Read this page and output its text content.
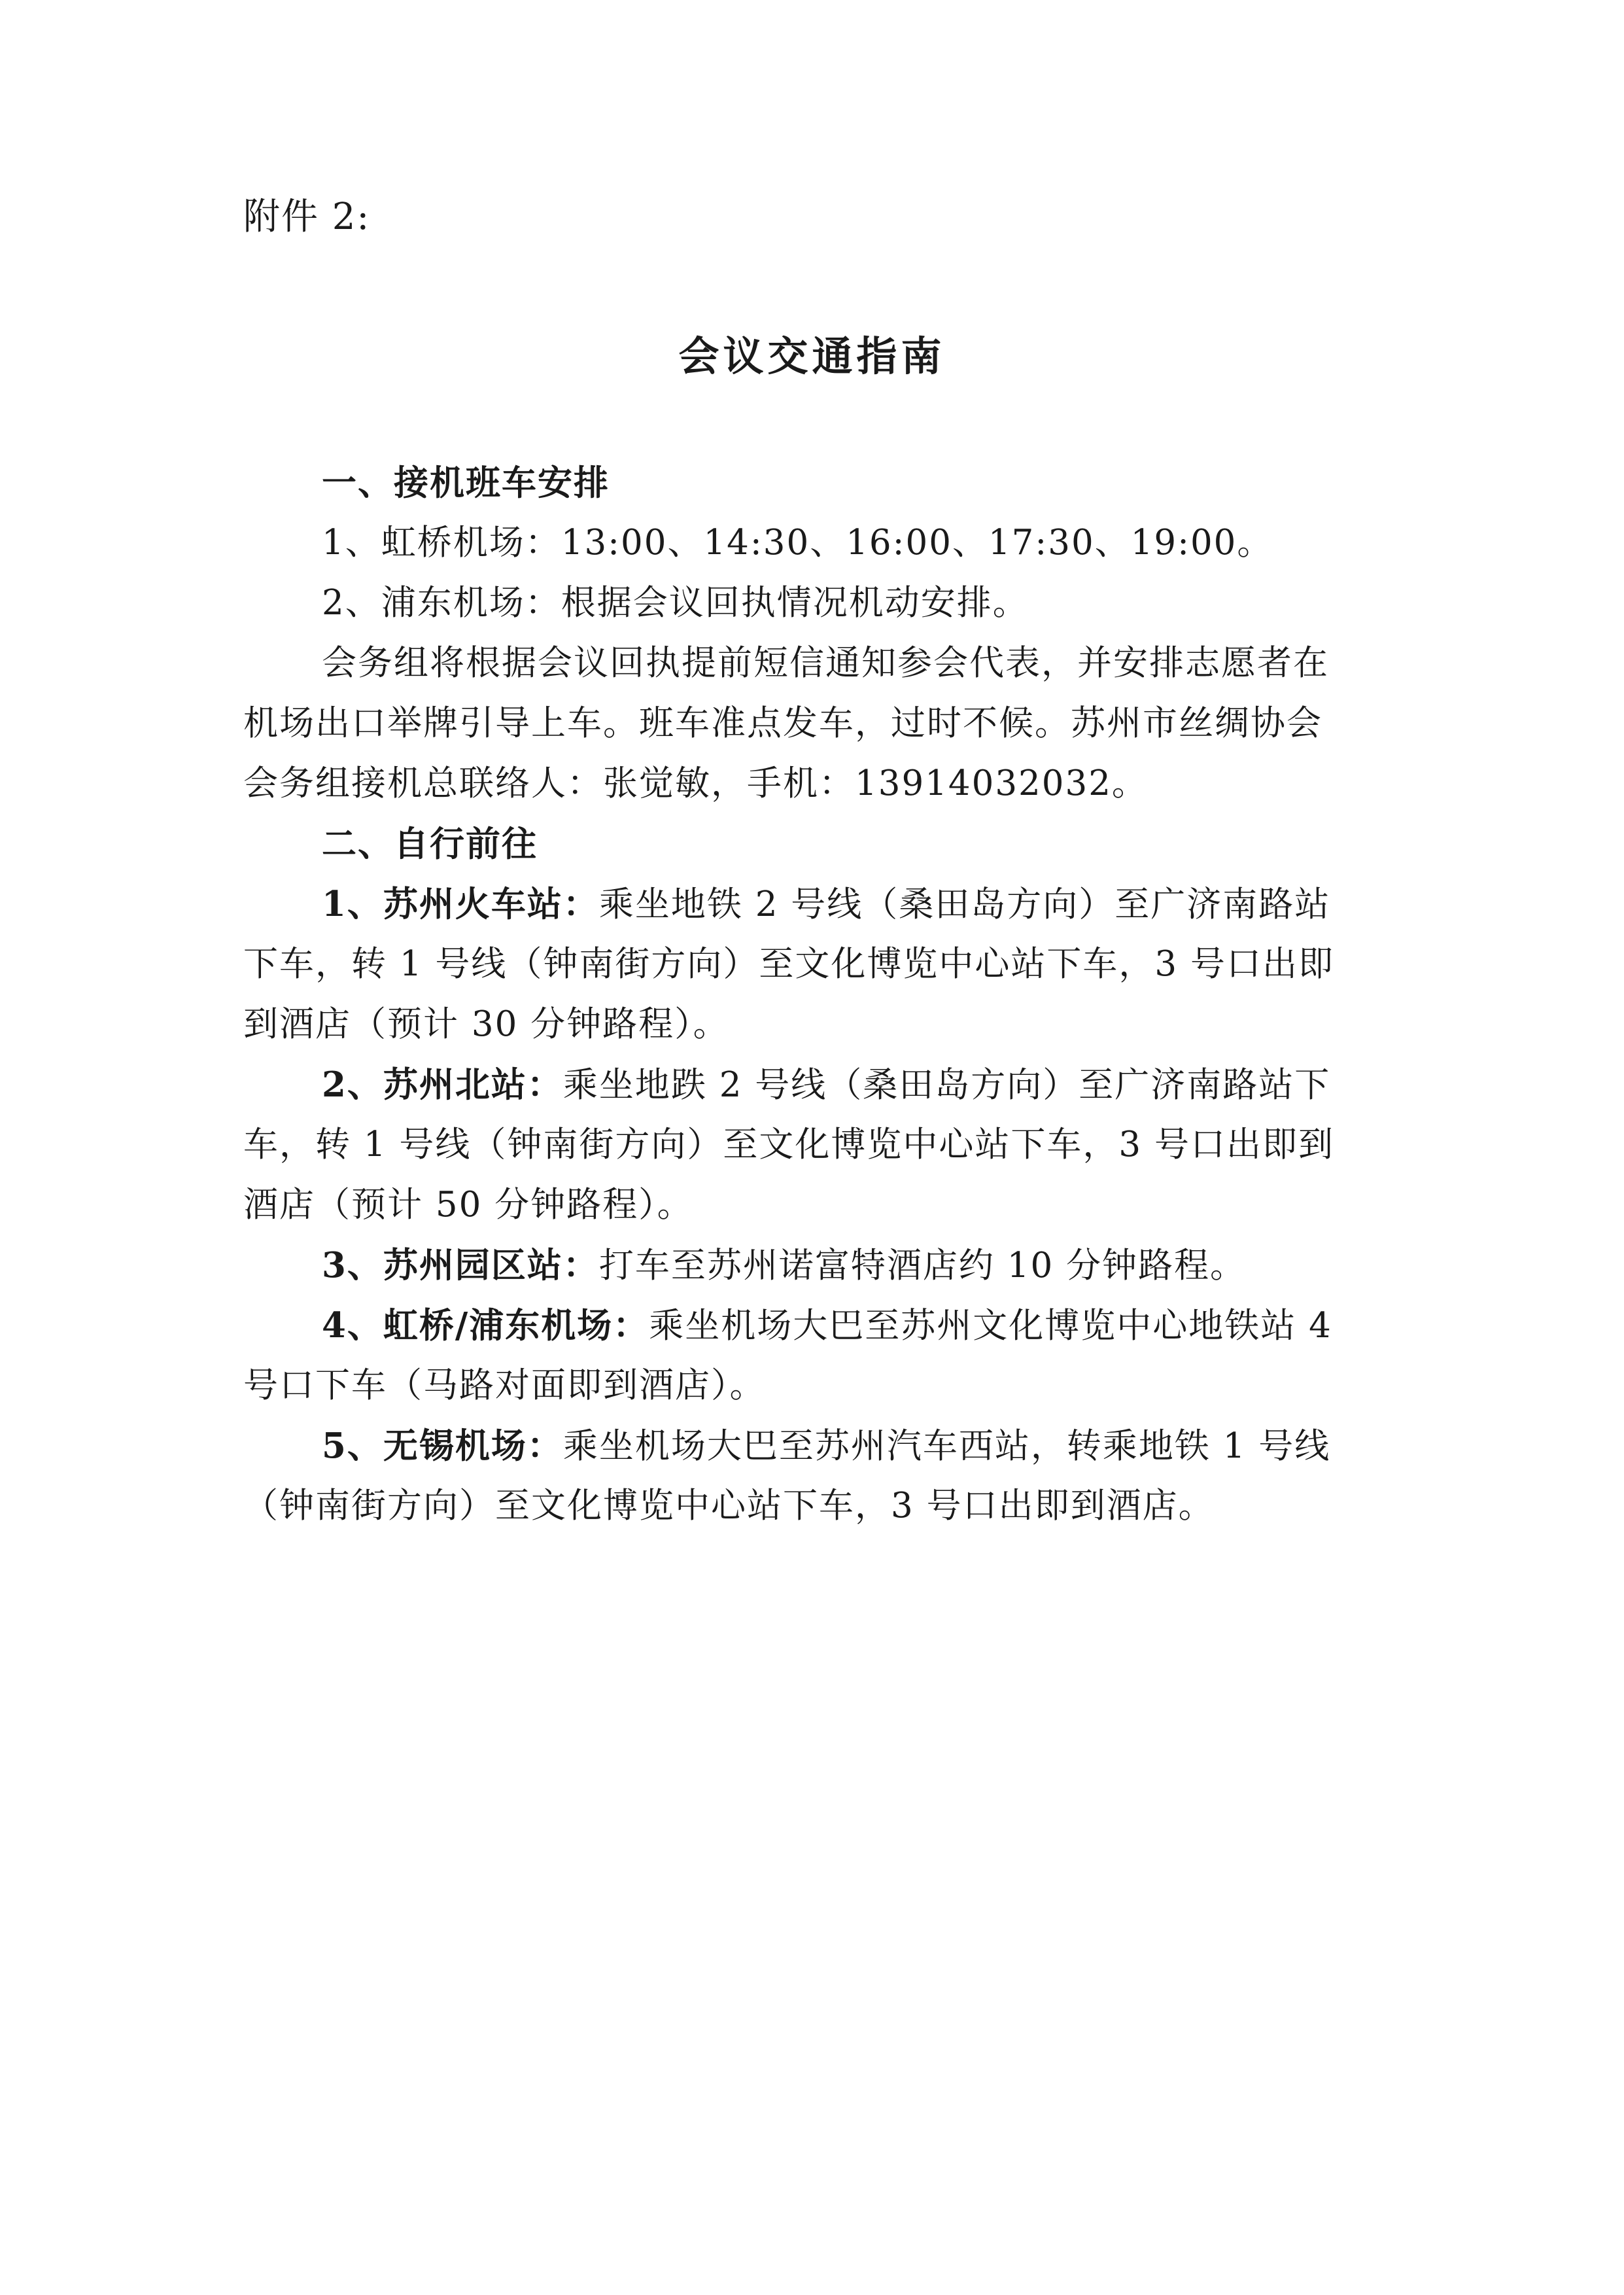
附件 2:
会议交通指南
一、接机班车安排
1、虹桥机场：13:00、14:30、16:00、17:30、19:00。
2、浦东机场：根据会议回执情况机动安排。
会务组将根据会议回执提前短信通知参会代表，并安排志愿者在
机场出口举牌引导上车。班车准点发车，过时不候。苏州市丝绸协会
会务组接机总联络人：张觉敏，手机：13914032032。
二、自行前往
1、苏州火车站：乘坐地铁 2 号线（桑田岛方向）至广济南路站
下车，转 1 号线（钟南街方向）至文化博览中心站下车，3 号口出即
到酒店（预计 30 分钟路程）。
2、苏州北站：乘坐地跌 2 号线（桑田岛方向）至广济南路站下
车，转 1 号线（钟南街方向）至文化博览中心站下车，3 号口出即到
酒店（预计 50 分钟路程）。
3、苏州园区站：打车至苏州诺富特酒店约 10 分钟路程。
4、虹桥/浦东机场：乘坐机场大巴至苏州文化博览中心地铁站 4
号口下车（马路对面即到酒店）。
5、无锡机场：乘坐机场大巴至苏州汽车西站，转乘地铁 1 号线
（钟南街方向）至文化博览中心站下车，3 号口出即到酒店。
